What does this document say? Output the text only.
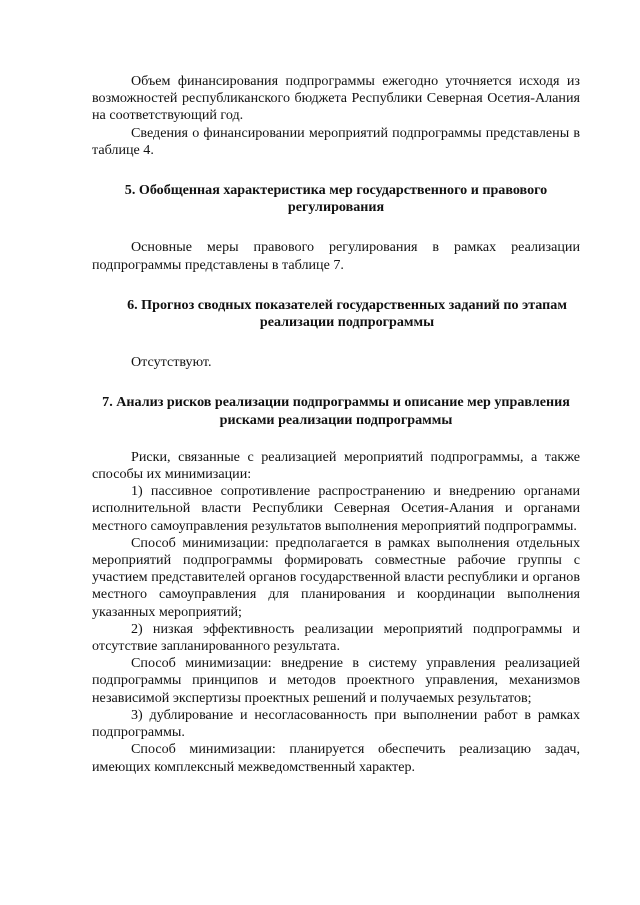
Объем финансирования подпрограммы ежегодно уточняется исходя из возможностей республиканского бюджета Республики Северная Осетия-Алания на соответствующий год.

Сведения о финансировании мероприятий подпрограммы представлены в таблице 4.

5. Обобщенная характеристика мер государственного и правового регулирования

Основные меры правового регулирования в рамках реализации подпрограммы представлены в таблице 7.

6. Прогноз сводных показателей государственных заданий по этапам реализации подпрограммы

Отсутствуют.

7. Анализ рисков реализации подпрограммы и описание мер управления рисками реализации подпрограммы

Риски, связанные с реализацией мероприятий подпрограммы, а также способы их минимизации:

1) пассивное сопротивление распространению и внедрению органами исполнительной власти Республики Северная Осетия-Алания и органами местного самоуправления результатов выполнения мероприятий подпрограммы.

Способ минимизации: предполагается в рамках выполнения отдельных мероприятий подпрограммы формировать совместные рабочие группы с участием представителей органов государственной власти республики и органов местного самоуправления для планирования и координации выполнения указанных мероприятий;

2) низкая эффективность реализации мероприятий подпрограммы и отсутствие запланированного результата.

Способ минимизации: внедрение в систему управления реализацией подпрограммы принципов и методов проектного управления, механизмов независимой экспертизы проектных решений и получаемых результатов;

3) дублирование и несогласованность при выполнении работ в рамках подпрограммы.

Способ минимизации: планируется обеспечить реализацию задач, имеющих комплексный межведомственный характер.
